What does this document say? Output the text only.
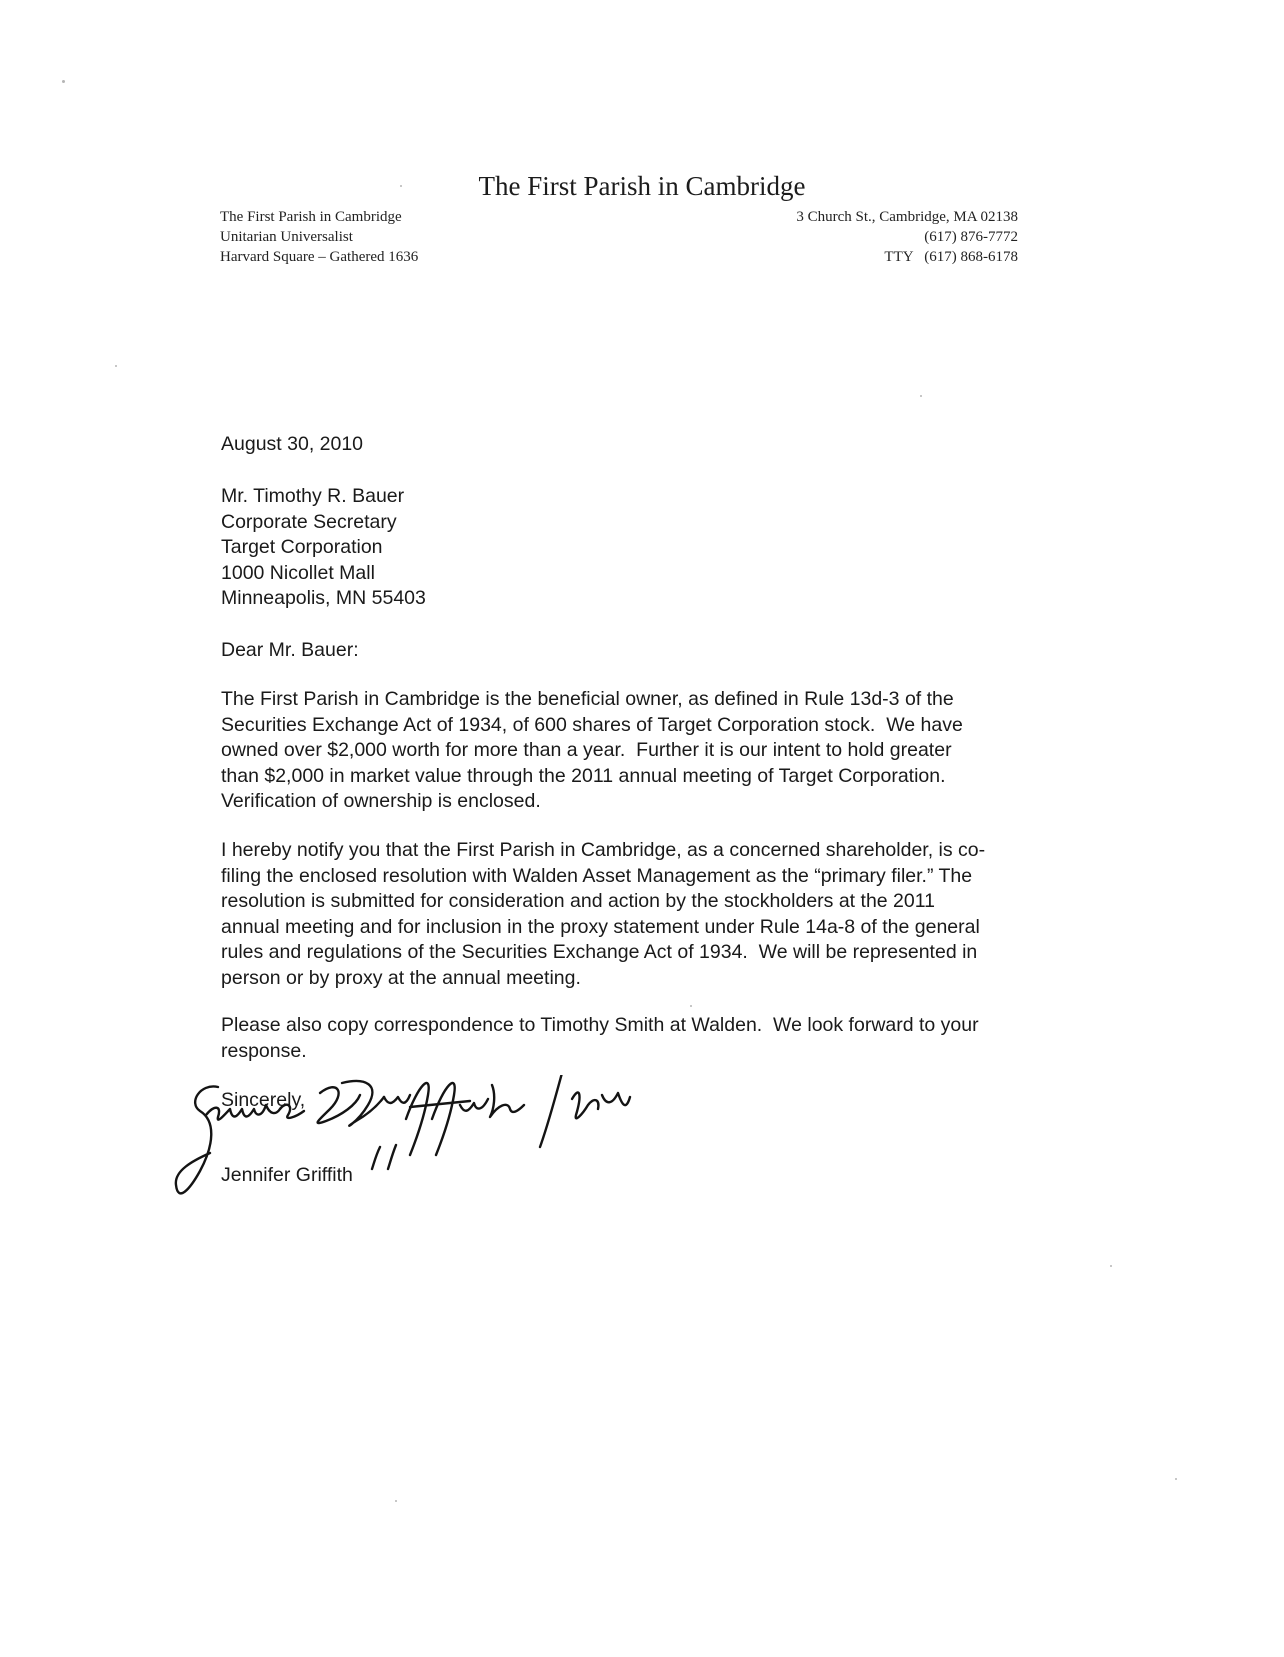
The First Parish in Cambridge
The First Parish in Cambridge
Unitarian Universalist
Harvard Square – Gathered 1636
3 Church St., Cambridge, MA 02138
(617) 876-7772
TTY   (617) 868-6178
August 30, 2010
Mr. Timothy R. Bauer
Corporate Secretary
Target Corporation
1000 Nicollet Mall
Minneapolis, MN 55403
Dear Mr. Bauer:
The First Parish in Cambridge is the beneficial owner, as defined in Rule 13d-3 of the
Securities Exchange Act of 1934, of 600 shares of Target Corporation stock.  We have
owned over $2,000 worth for more than a year.  Further it is our intent to hold greater
than $2,000 in market value through the 2011 annual meeting of Target Corporation.
Verification of ownership is enclosed.
I hereby notify you that the First Parish in Cambridge, as a concerned shareholder, is co-
filing the enclosed resolution with Walden Asset Management as the “primary filer.” The
resolution is submitted for consideration and action by the stockholders at the 2011
annual meeting and for inclusion in the proxy statement under Rule 14a-8 of the general
rules and regulations of the Securities Exchange Act of 1934.  We will be represented in
person or by proxy at the annual meeting.
Please also copy correspondence to Timothy Smith at Walden.  We look forward to your
response.
Sincerely,
Jennifer Griffith
